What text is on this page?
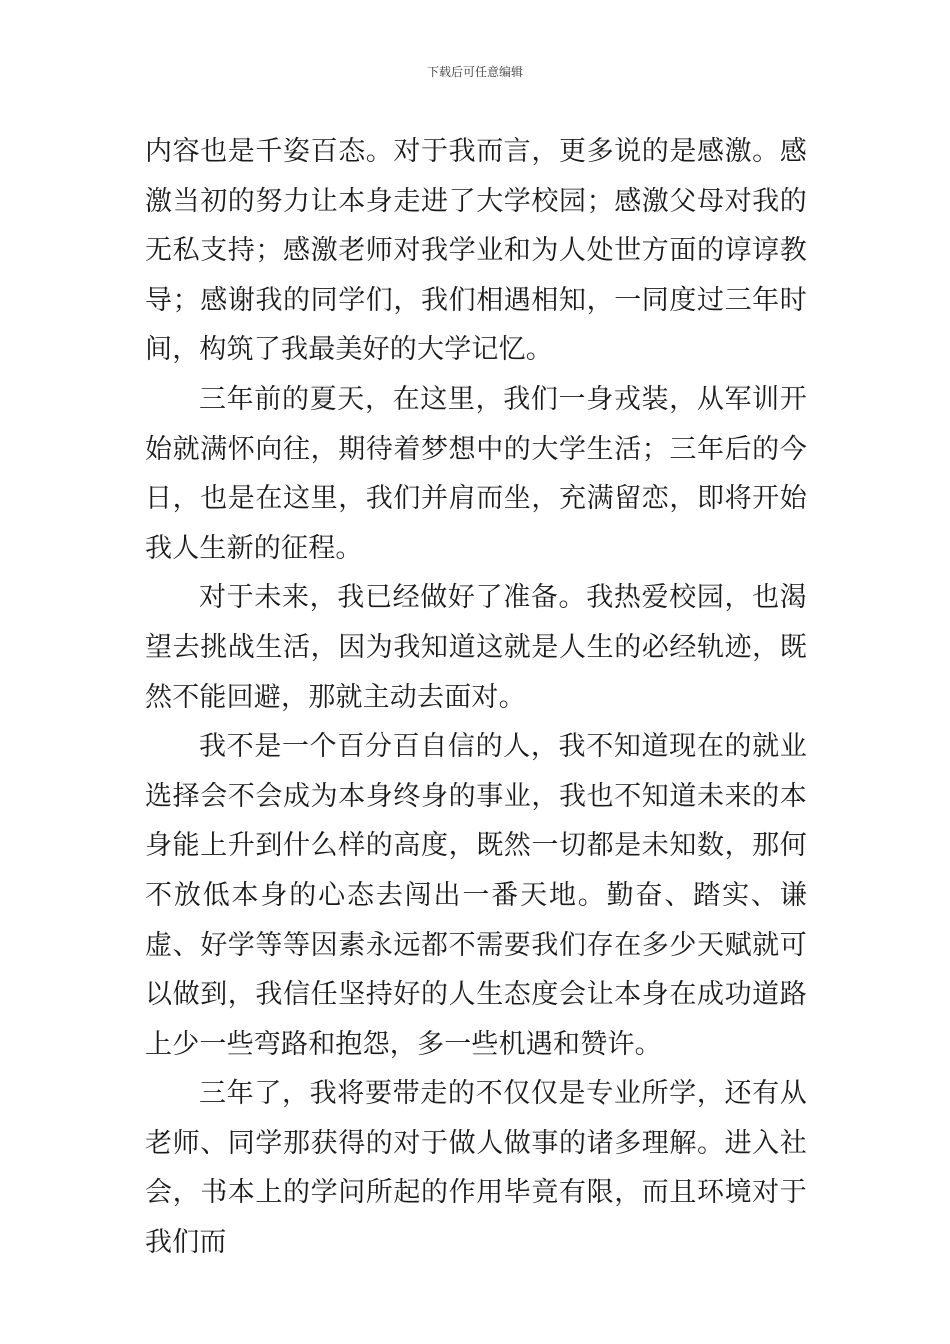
下载后可任意编辑

内容也是千姿百态。对于我而言，更多说的是感激。感激当初的努力让本身走进了大学校园；感激父母对我的无私支持；感激老师对我学业和为人处世方面的谆谆教导；感谢我的同学们，我们相遇相知，一同度过三年时间，构筑了我最美好的大学记忆。

三年前的夏天，在这里，我们一身戎装，从军训开始就满怀向往，期待着梦想中的大学生活；三年后的今日，也是在这里，我们并肩而坐，充满留恋，即将开始我人生新的征程。

对于未来，我已经做好了准备。我热爱校园，也渴望去挑战生活，因为我知道这就是人生的必经轨迹，既然不能回避，那就主动去面对。

我不是一个百分百自信的人，我不知道现在的就业选择会不会成为本身终身的事业，我也不知道未来的本身能上升到什么样的高度，既然一切都是未知数，那何不放低本身的心态去闯出一番天地。勤奋、踏实、谦虚、好学等等因素永远都不需要我们存在多少天赋就可以做到，我信任坚持好的人生态度会让本身在成功道路上少一些弯路和抱怨，多一些机遇和赞许。

三年了，我将要带走的不仅仅是专业所学，还有从老师、同学那获得的对于做人做事的诸多理解。进入社会，书本上的学问所起的作用毕竟有限，而且环境对于我们而
